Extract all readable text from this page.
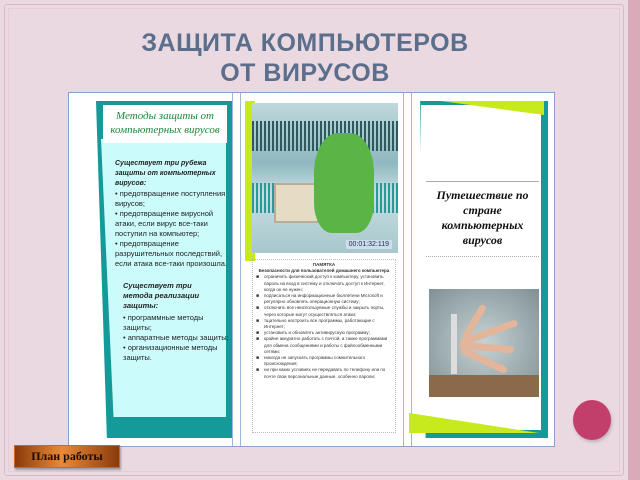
ЗАЩИТА КОМПЬЮТЕРОВ
ОТ ВИРУСОВ
Методы защиты от компьютерных вирусов

Существует три рубежа защиты от компьютерных вирусов:

• предотвращение поступления вирусов;
• предотвращение вирусной атаки, если вирус все-таки поступил на компьютер;
• предотвращение разрушительных последствий, если атака все-таки произошла.

Существует три метода реализации защиты:

• программные методы защиты;
• аппаратные методы защиты;
• организационные методы защиты.
00:01:32:119
ПАМЯТКА
Безопасности для пользователей домашнего компьютера
■ ограничить физический доступ к компьютеру, установить пароль на вход в систему и отключать доступ к Интернет, когда он не нужен;
■ подписаться на информационные бюллетени Microsoft и регулярно обновлять операционную систему;
■ отключить все неиспользуемые службы и закрыть порты, через которые могут осуществляться атаки;
■ тщательно настроить все программы, работающие с Интернет;
■ установить и обновлять антивирусную программу;
■ крайне аккуратно работать с почтой, а также программами для обмена сообщениями и работы с файлообменными сетями;
■ никогда не запускать программы сомнительного происхождения;
■ ни при каких условиях не передавать по телефону или по почте свои персональные данные, особенно пароли;
Путешествие по стране компьютерных вирусов
План работы
